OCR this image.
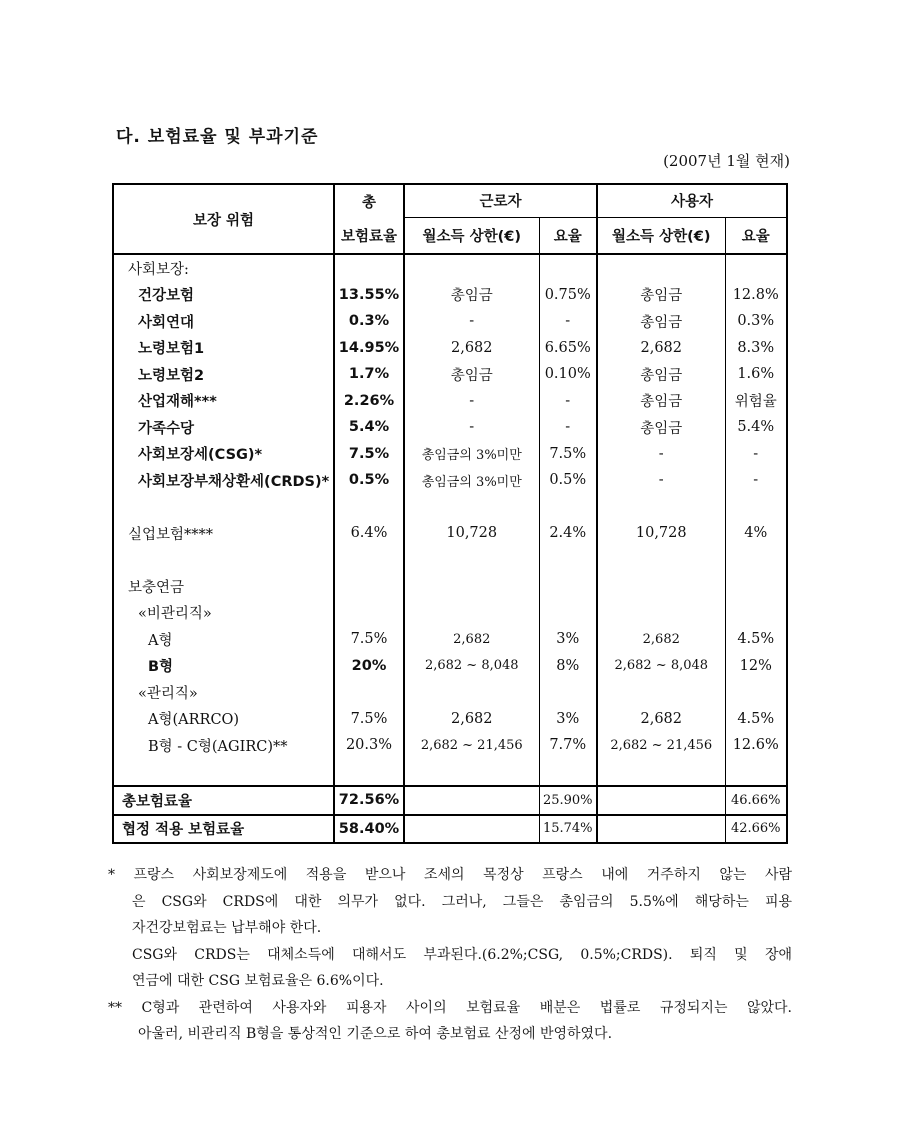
다. 보험료율 및 부과기준
(2007년 1월 현재)
보장 위험	총	근로자		사용자	
	보험료율	월소득 상한(€)	요율	월소득 상한(€)	요율
사회보장:					
건강보험	13.55%	총임금	0.75%	총임금	12.8%
사회연대	0.3%	-	-	총임금	0.3%
노령보험1	14.95%	2,682	6.65%	2,682	8.3%
노령보험2	1.7%	총임금	0.10%	총임금	1.6%
산업재해***	2.26%	-	-	총임금	위험율
가족수당	5.4%	-	-	총임금	5.4%
사회보장세(CSG)*	7.5%	총임금의 3%미만	7.5%	-	-
사회보장부채상환세(CRDS)*	0.5%	총임금의 3%미만	0.5%	-	-

실업보험****	6.4%	10,728	2.4%	10,728	4%

보충연금					
«비관리직»					
A형	7.5%	2,682	3%	2,682	4.5%
B형	20%	2,682 ~ 8,048	8%	2,682 ~ 8,048	12%
«관리직»					
A형(ARRCO)	7.5%	2,682	3%	2,682	4.5%
B형 - C형(AGIRC)**	20.3%	2,682 ~ 21,456	7.7%	2,682 ~ 21,456	12.6%

총보험료율	72.56%		25.90%		46.66%
협정 적용 보험료율	58.40%		15.74%		42.66%

* 프랑스 사회보장제도에 적용을 받으나 조세의 목정상 프랑스 내에 거주하지 않는 사람

은 CSG와 CRDS에 대한 의무가 없다. 그러나, 그들은 총임금의 5.5%에 해당하는 피용

자건강보험료는 납부해야 한다.

CSG와 CRDS는 대체소득에 대해서도 부과된다.(6.2%;CSG, 0.5%;CRDS). 퇴직 및 장애

연금에 대한 CSG 보험료율은 6.6%이다.

** C형과 관련하여 사용자와 피용자 사이의 보험료율 배분은 법률로 규정되지는 않았다.

아울러, 비관리직 B형을 통상적인 기준으로 하여 총보험료 산정에 반영하였다.
